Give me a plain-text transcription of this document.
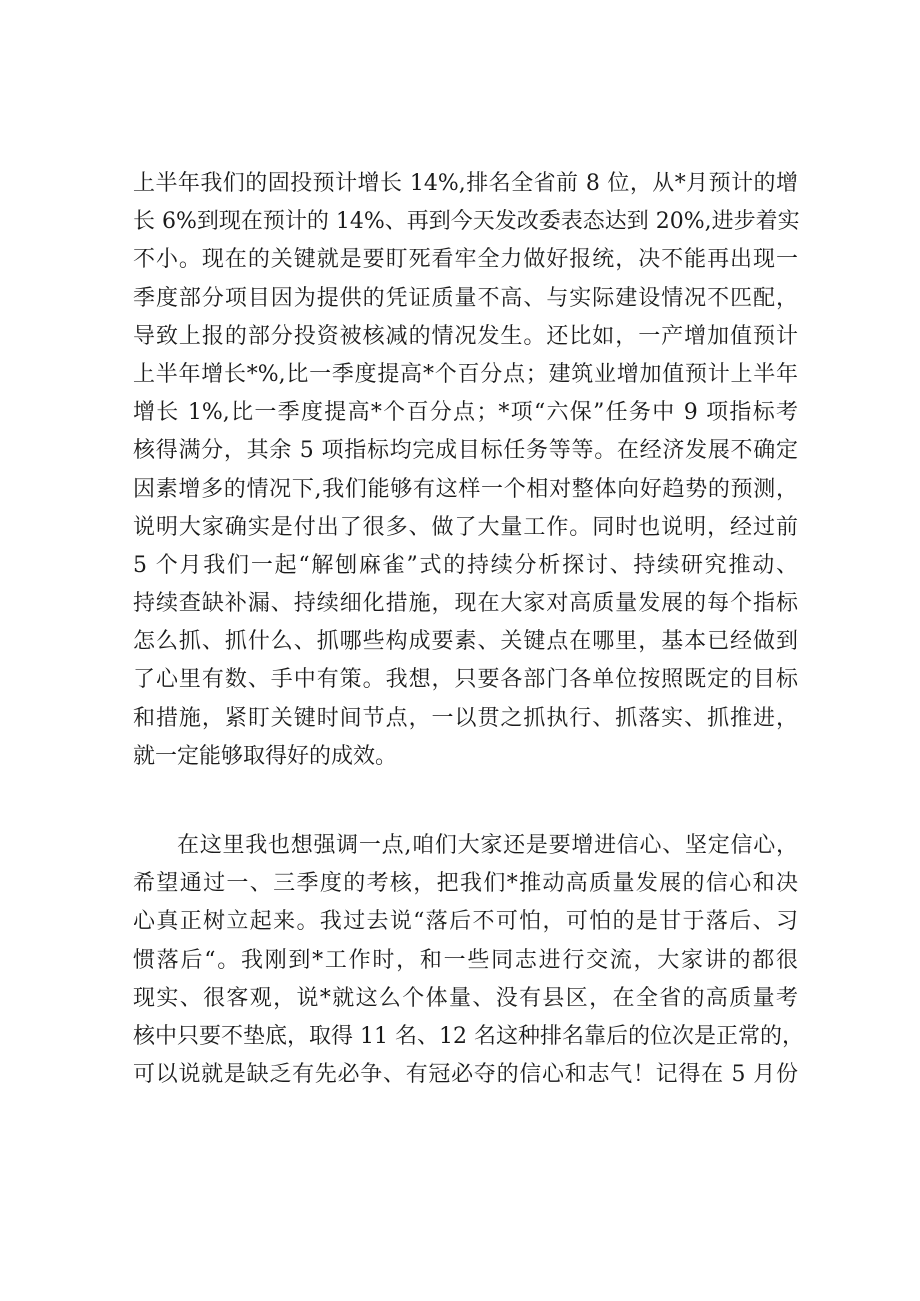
上半年我们的固投预计增长 14%,排名全省前 8 位，从*月预计的增
长 6%到现在预计的 14%、再到今天发改委表态达到 20%,进步着实
不小。现在的关键就是要盯死看牢全力做好报统，决不能再出现一
季度部分项目因为提供的凭证质量不高、与实际建设情况不匹配，
导致上报的部分投资被核减的情况发生。还比如，一产增加值预计
上半年增长*%,比一季度提高*个百分点；建筑业增加值预计上半年
增长 1%,比一季度提高*个百分点；*项“六保”任务中 9 项指标考
核得满分，其余 5 项指标均完成目标任务等等。在经济发展不确定
因素增多的情况下,我们能够有这样一个相对整体向好趋势的预测，
说明大家确实是付出了很多、做了大量工作。同时也说明，经过前
5 个月我们一起“解刨麻雀”式的持续分析探讨、持续研究推动、
持续查缺补漏、持续细化措施，现在大家对高质量发展的每个指标
怎么抓、抓什么、抓哪些构成要素、关键点在哪里，基本已经做到
了心里有数、手中有策。我想，只要各部门各单位按照既定的目标
和措施，紧盯关键时间节点，一以贯之抓执行、抓落实、抓推进，
就一定能够取得好的成效。
在这里我也想强调一点,咱们大家还是要增进信心、坚定信心，
希望通过一、三季度的考核，把我们*推动高质量发展的信心和决
心真正树立起来。我过去说“落后不可怕，可怕的是甘于落后、习
惯落后“。我刚到*工作时，和一些同志进行交流，大家讲的都很
现实、很客观，说*就这么个体量、没有县区，在全省的高质量考
核中只要不垫底，取得 11 名、12 名这种排名靠后的位次是正常的，
可以说就是缺乏有先必争、有冠必夺的信心和志气！记得在 5 月份
